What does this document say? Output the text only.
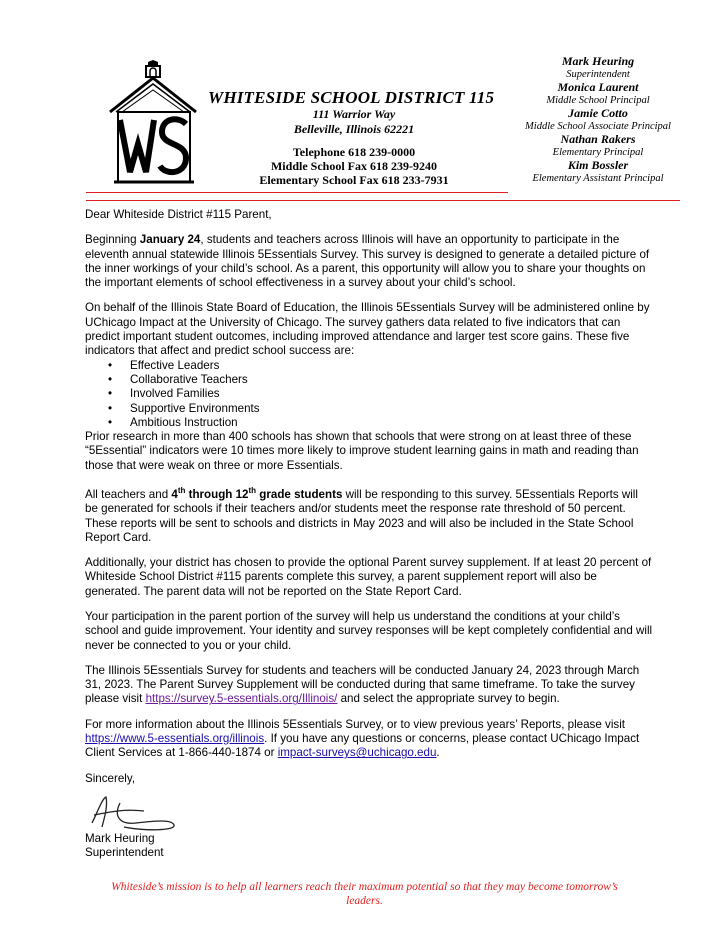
WHITESIDE SCHOOL DISTRICT 115
111 Warrior Way
Belleville, Illinois 62221
Telephone 618 239-0000
Middle School Fax 618 239-9240
Elementary School Fax 618 233-7931
Mark Heuring
Superintendent
Monica Laurent
Middle School Principal
Jamie Cotto
Middle School Associate Principal
Nathan Rakers
Elementary Principal
Kim Bossler
Elementary Assistant Principal

Dear Whiteside District #115 Parent,

Beginning January 24, students and teachers across Illinois will have an opportunity to participate in the eleventh annual statewide Illinois 5Essentials Survey. This survey is designed to generate a detailed picture of the inner workings of your child’s school. As a parent, this opportunity will allow you to share your thoughts on the important elements of school effectiveness in a survey about your child’s school.

On behalf of the Illinois State Board of Education, the Illinois 5Essentials Survey will be administered online by UChicago Impact at the University of Chicago. The survey gathers data related to five indicators that can predict important student outcomes, including improved attendance and larger test score gains. These five indicators that affect and predict school success are:

• Effective Leaders
• Collaborative Teachers
• Involved Families
• Supportive Environments
• Ambitious Instruction

Prior research in more than 400 schools has shown that schools that were strong on at least three of these “5Essential” indicators were 10 times more likely to improve student learning gains in math and reading than those that were weak on three or more Essentials.

All teachers and 4th through 12th grade students will be responding to this survey. 5Essentials Reports will be generated for schools if their teachers and/or students meet the response rate threshold of 50 percent. These reports will be sent to schools and districts in May 2023 and will also be included in the State School Report Card.

Additionally, your district has chosen to provide the optional Parent survey supplement. If at least 20 percent of Whiteside School District #115 parents complete this survey, a parent supplement report will also be generated. The parent data will not be reported on the State Report Card.

Your participation in the parent portion of the survey will help us understand the conditions at your child’s school and guide improvement. Your identity and survey responses will be kept completely confidential and will never be connected to you or your child.

The Illinois 5Essentials Survey for students and teachers will be conducted January 24, 2023 through March 31, 2023. The Parent Survey Supplement will be conducted during that same timeframe. To take the survey please visit https://survey.5-essentials.org/Illinois/ and select the appropriate survey to begin.

For more information about the Illinois 5Essentials Survey, or to view previous years’ Reports, please visit https://www.5-essentials.org/illinois. If you have any questions or concerns, please contact UChicago Impact Client Services at 1-866-440-1874 or impact-surveys@uchicago.edu.

Sincerely,

Mark Heuring
Superintendent
Whiteside’s mission is to help all learners reach their maximum potential so that they may become tomorrow’s leaders.
